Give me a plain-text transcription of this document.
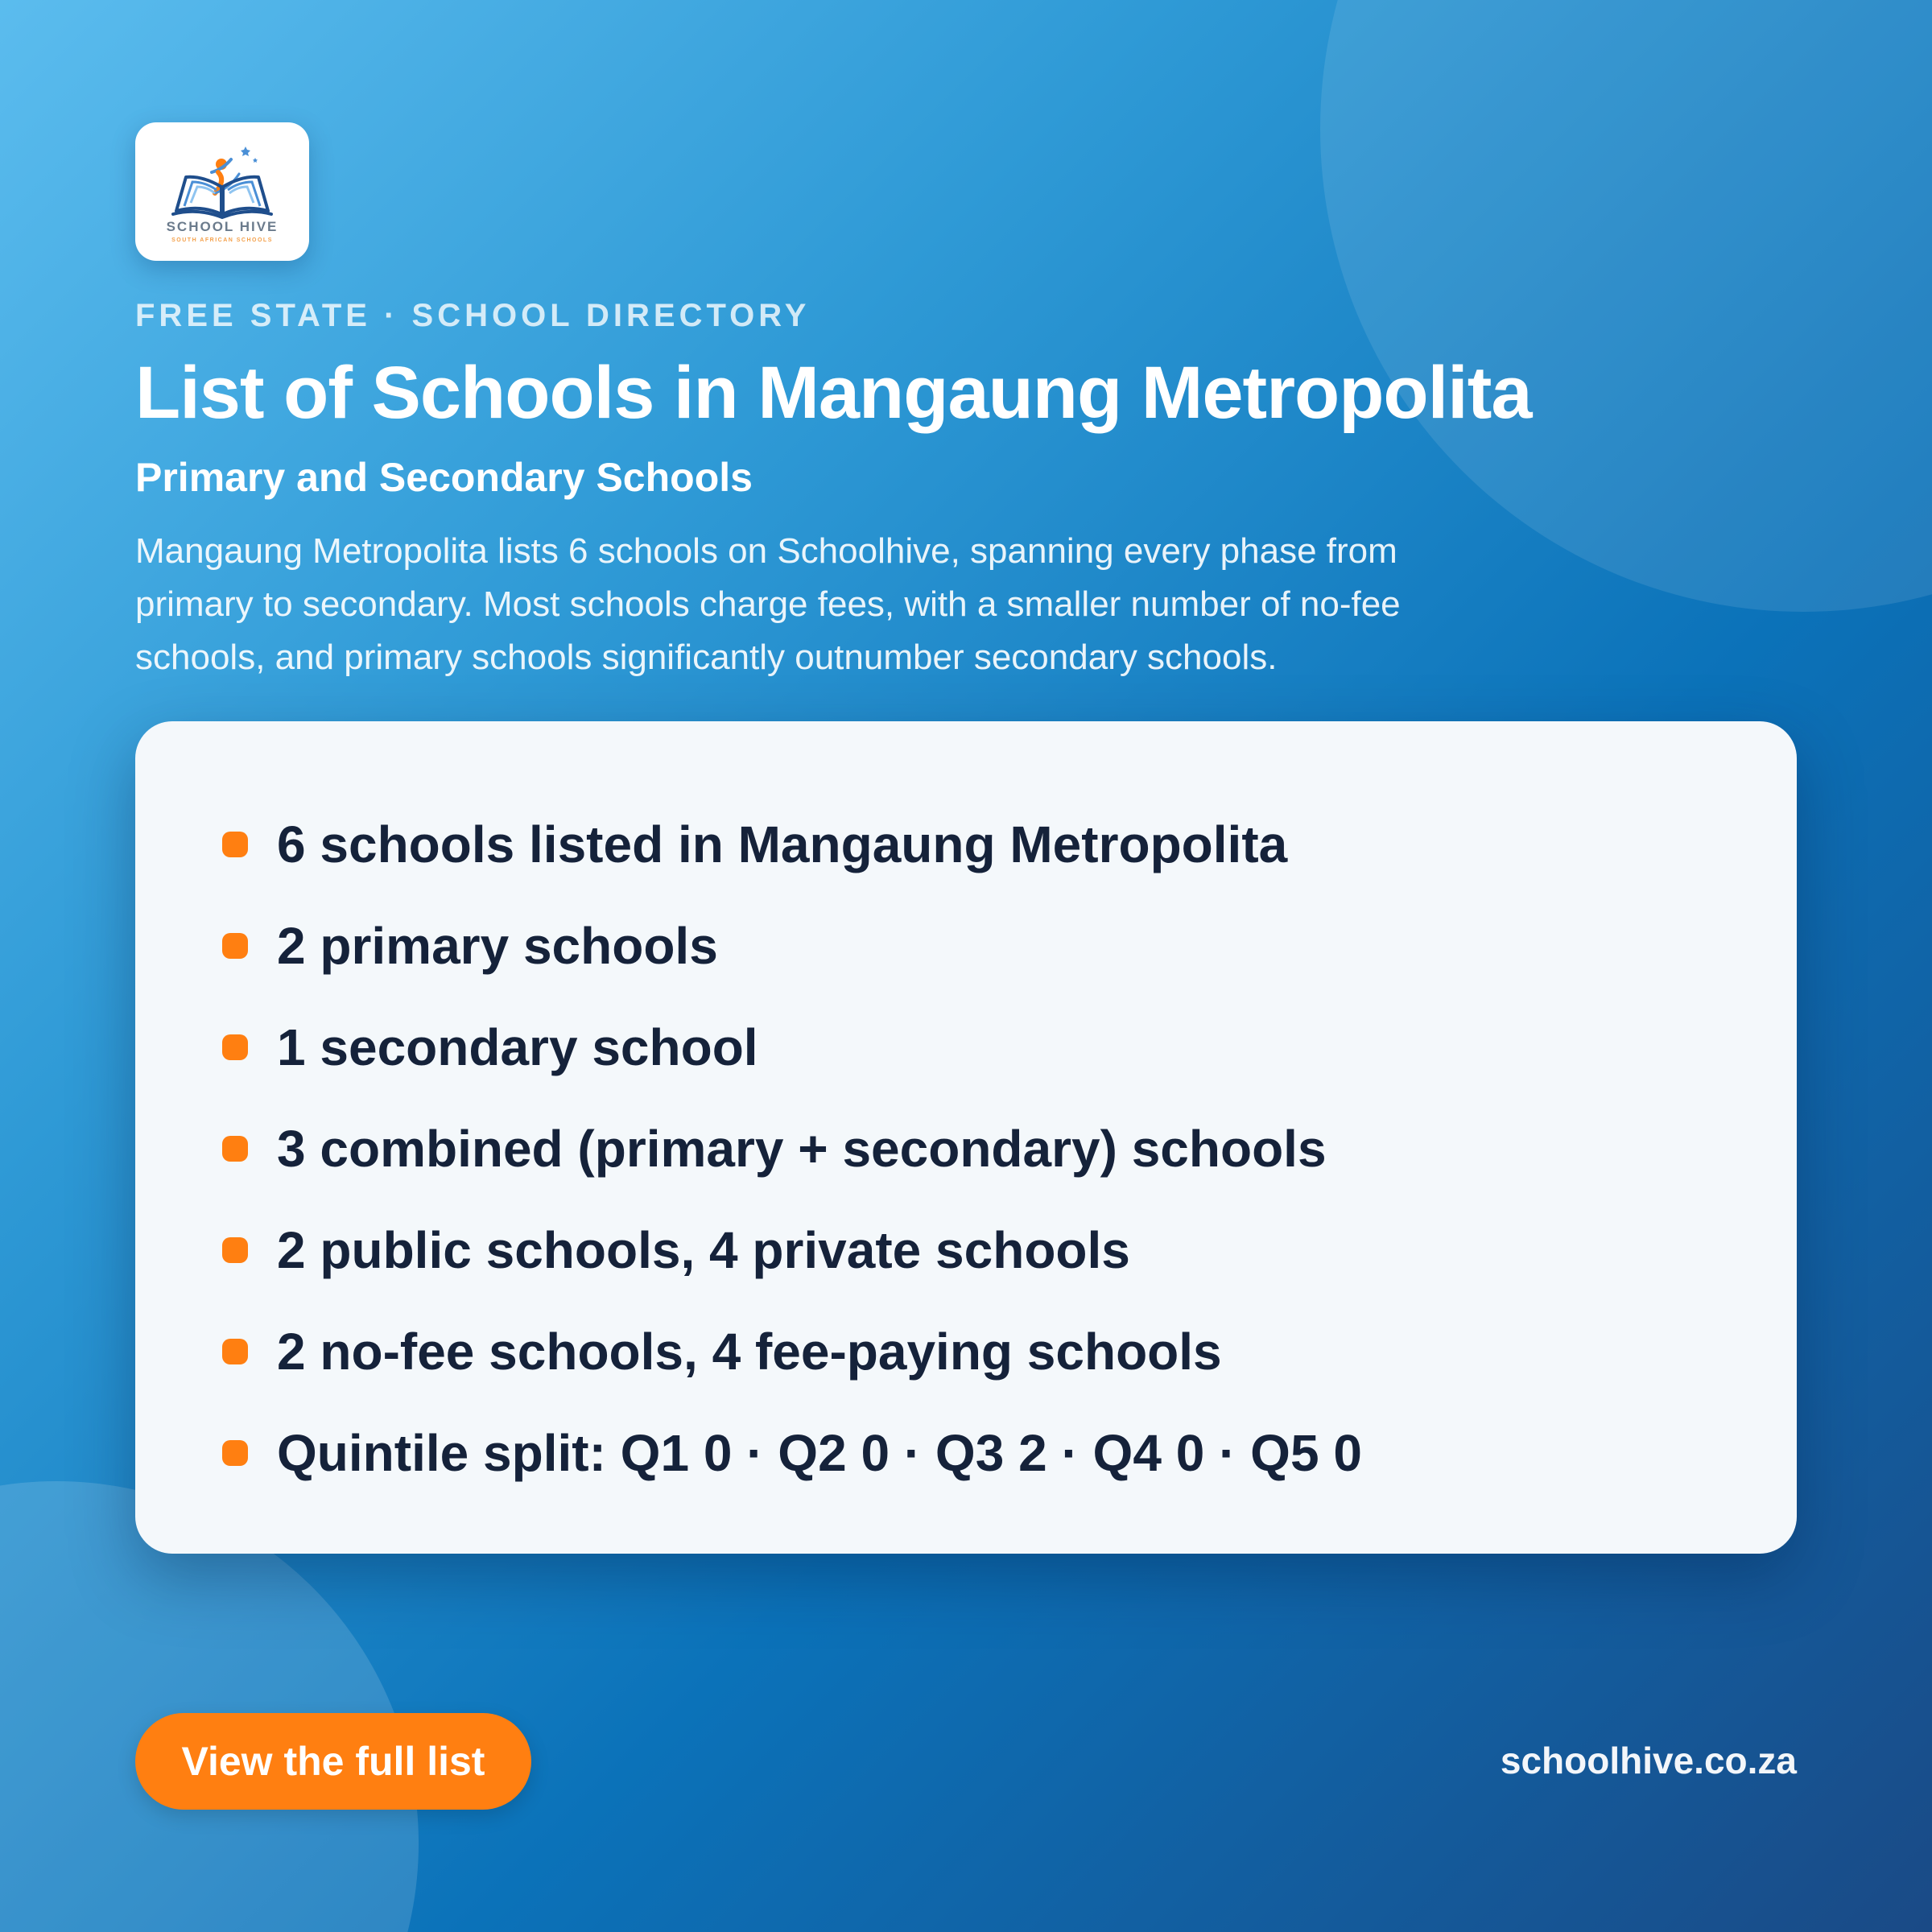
SCHOOL HIVE
SOUTH AFRICAN SCHOOLS
FREE STATE · SCHOOL DIRECTORY
List of Schools in Mangaung Metropolita
Primary and Secondary Schools

Mangaung Metropolita lists 6 schools on Schoolhive, spanning every phase from primary to secondary. Most schools charge fees, with a smaller number of no-fee schools, and primary schools significantly outnumber secondary schools.

6 schools listed in Mangaung Metropolita
2 primary schools
1 secondary school
3 combined (primary + secondary) schools
2 public schools, 4 private schools
2 no-fee schools, 4 fee-paying schools
Quintile split: Q1 0 · Q2 0 · Q3 2 · Q4 0 · Q5 0
View the full list	schoolhive.co.za
